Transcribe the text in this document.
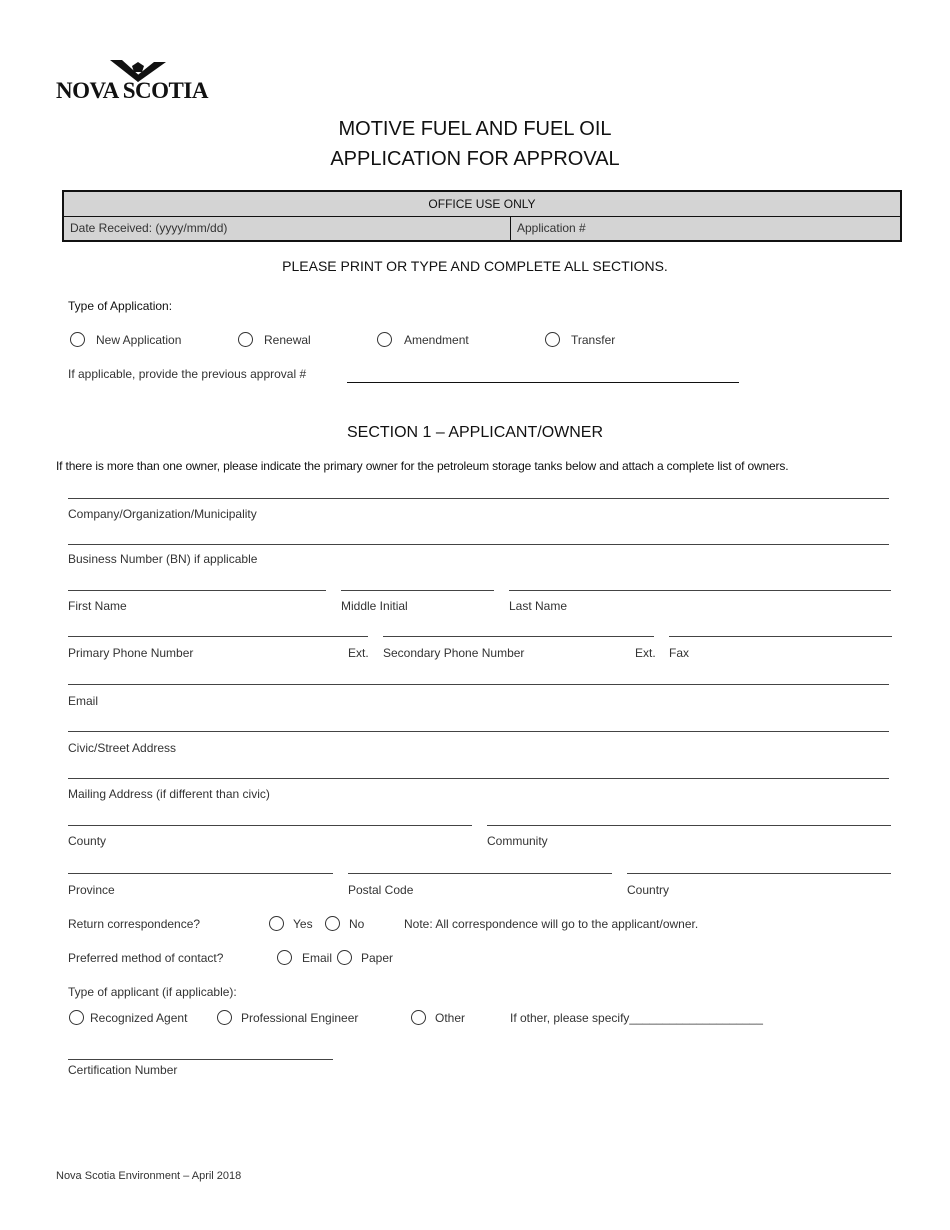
NOVA SCOTIA
MOTIVE FUEL AND FUEL OIL
APPLICATION FOR APPROVAL
OFFICE USE ONLY
Date Received: (yyyy/mm/dd)	Application #
PLEASE PRINT OR TYPE AND COMPLETE ALL SECTIONS.
Type of Application:
New Application	Renewal	Amendment	Transfer
If applicable, provide the previous approval #
SECTION 1 – APPLICANT/OWNER
If there is more than one owner, please indicate the primary owner for the petroleum storage tanks below and attach a complete list of owners.
Company/Organization/Municipality
Business Number (BN) if applicable
First Name	Middle Initial	Last Name
Primary Phone Number	Ext. Secondary Phone Number	Ext. Fax
Email
Civic/Street Address
Mailing Address (if different than civic)
County	Community
Province	Postal Code	Country
Return correspondence?	Yes	No	Note: All correspondence will go to the applicant/owner.
Preferred method of contact?	Email Paper
Type of applicant (if applicable):
Recognized Agent	Professional Engineer	Other	If other, please specify____________________
Certification Number
Nova Scotia Environment – April 2018
